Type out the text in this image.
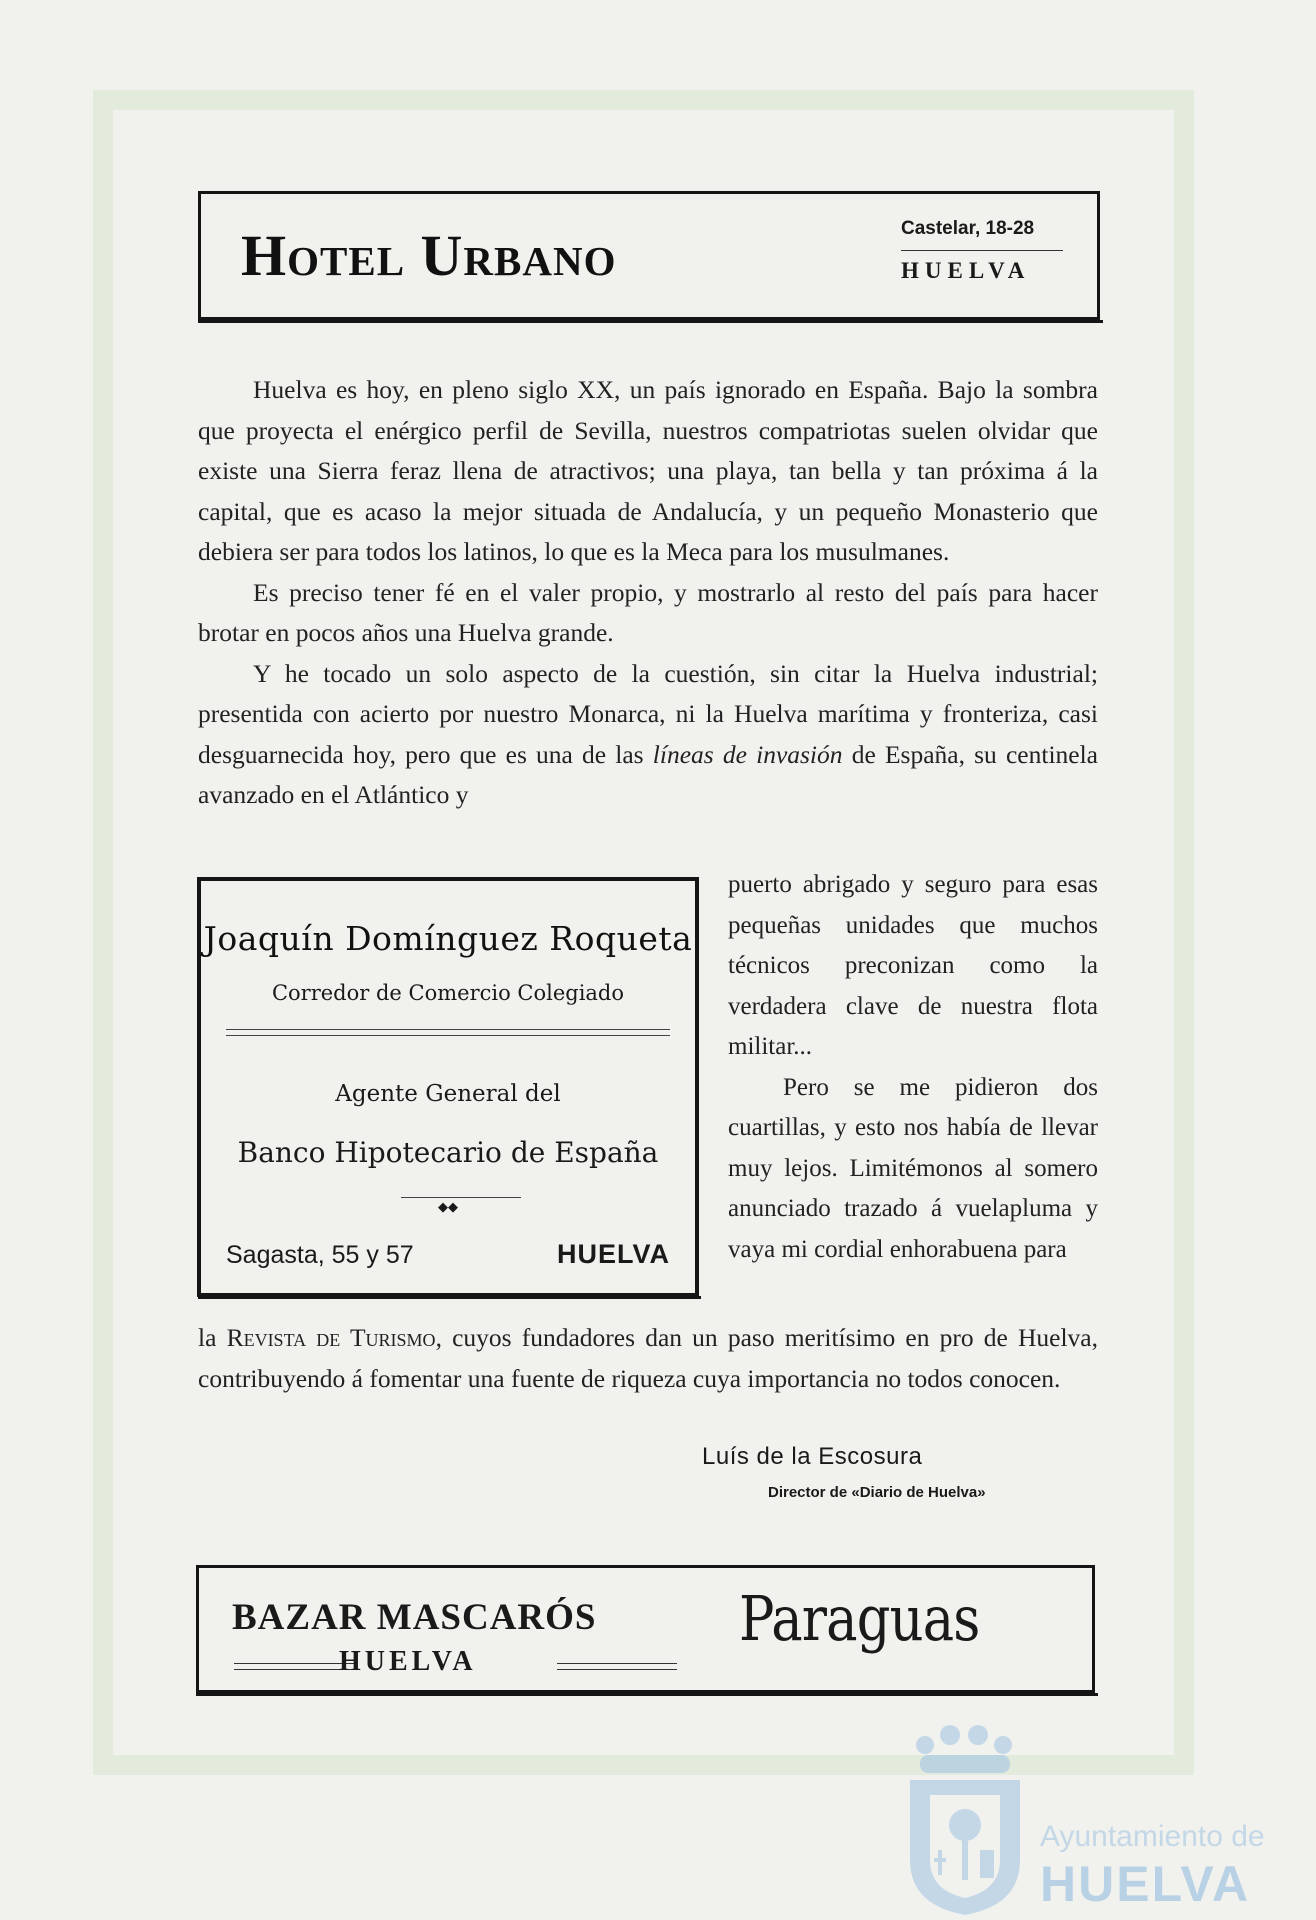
Hotel Urbano	Castelar, 18-28
HUELVA

Huelva es hoy, en pleno siglo XX, un país ignorado en España. Bajo la sombra que proyecta el enérgico perfil de Sevilla, nuestros compatriotas suelen olvidar que existe una Sierra feraz llena de atractivos; una playa, tan bella y tan próxima á la capital, que es acaso la mejor situada de Andalucía, y un pequeño Monasterio que debiera ser para todos los latinos, lo que es la Meca para los musulmanes.

Es preciso tener fé en el valer propio, y mostrarlo al resto del país para hacer brotar en pocos años una Huelva grande.

Y he tocado un solo aspecto de la cuestión, sin citar la Huelva industrial; presentida con acierto por nuestro Monarca, ni la Huelva marítima y fronteriza, casi desguarnecida hoy, pero que es una de las líneas de invasión de España, su centinela avanzado en el Atlántico y

Joaquín Domínguez Roqueta
Corredor de Comercio Colegiado
Agente General del
Banco Hipotecario de España
◆◆
Sagasta, 55 y 57	HUELVA

puerto abrigado y seguro para esas pequeñas unidades que muchos técnicos preconizan como la verdadera clave de nuestra flota militar...

Pero se me pidieron dos cuartillas, y esto nos había de llevar muy lejos. Limitémonos al somero anunciado trazado á vuelapluma y vaya mi cordial enhorabuena para

la Revista de Turismo, cuyos fundadores dan un paso meritísimo en pro de Huelva, contribuyendo á fomentar una fuente de riqueza cuya importancia no todos conocen.

Luís de la Escosura
Director de «Diario de Huelva»
BAZAR MASCARÓS
HUELVA
Paraguas
Ayuntamiento de
HUELVA
